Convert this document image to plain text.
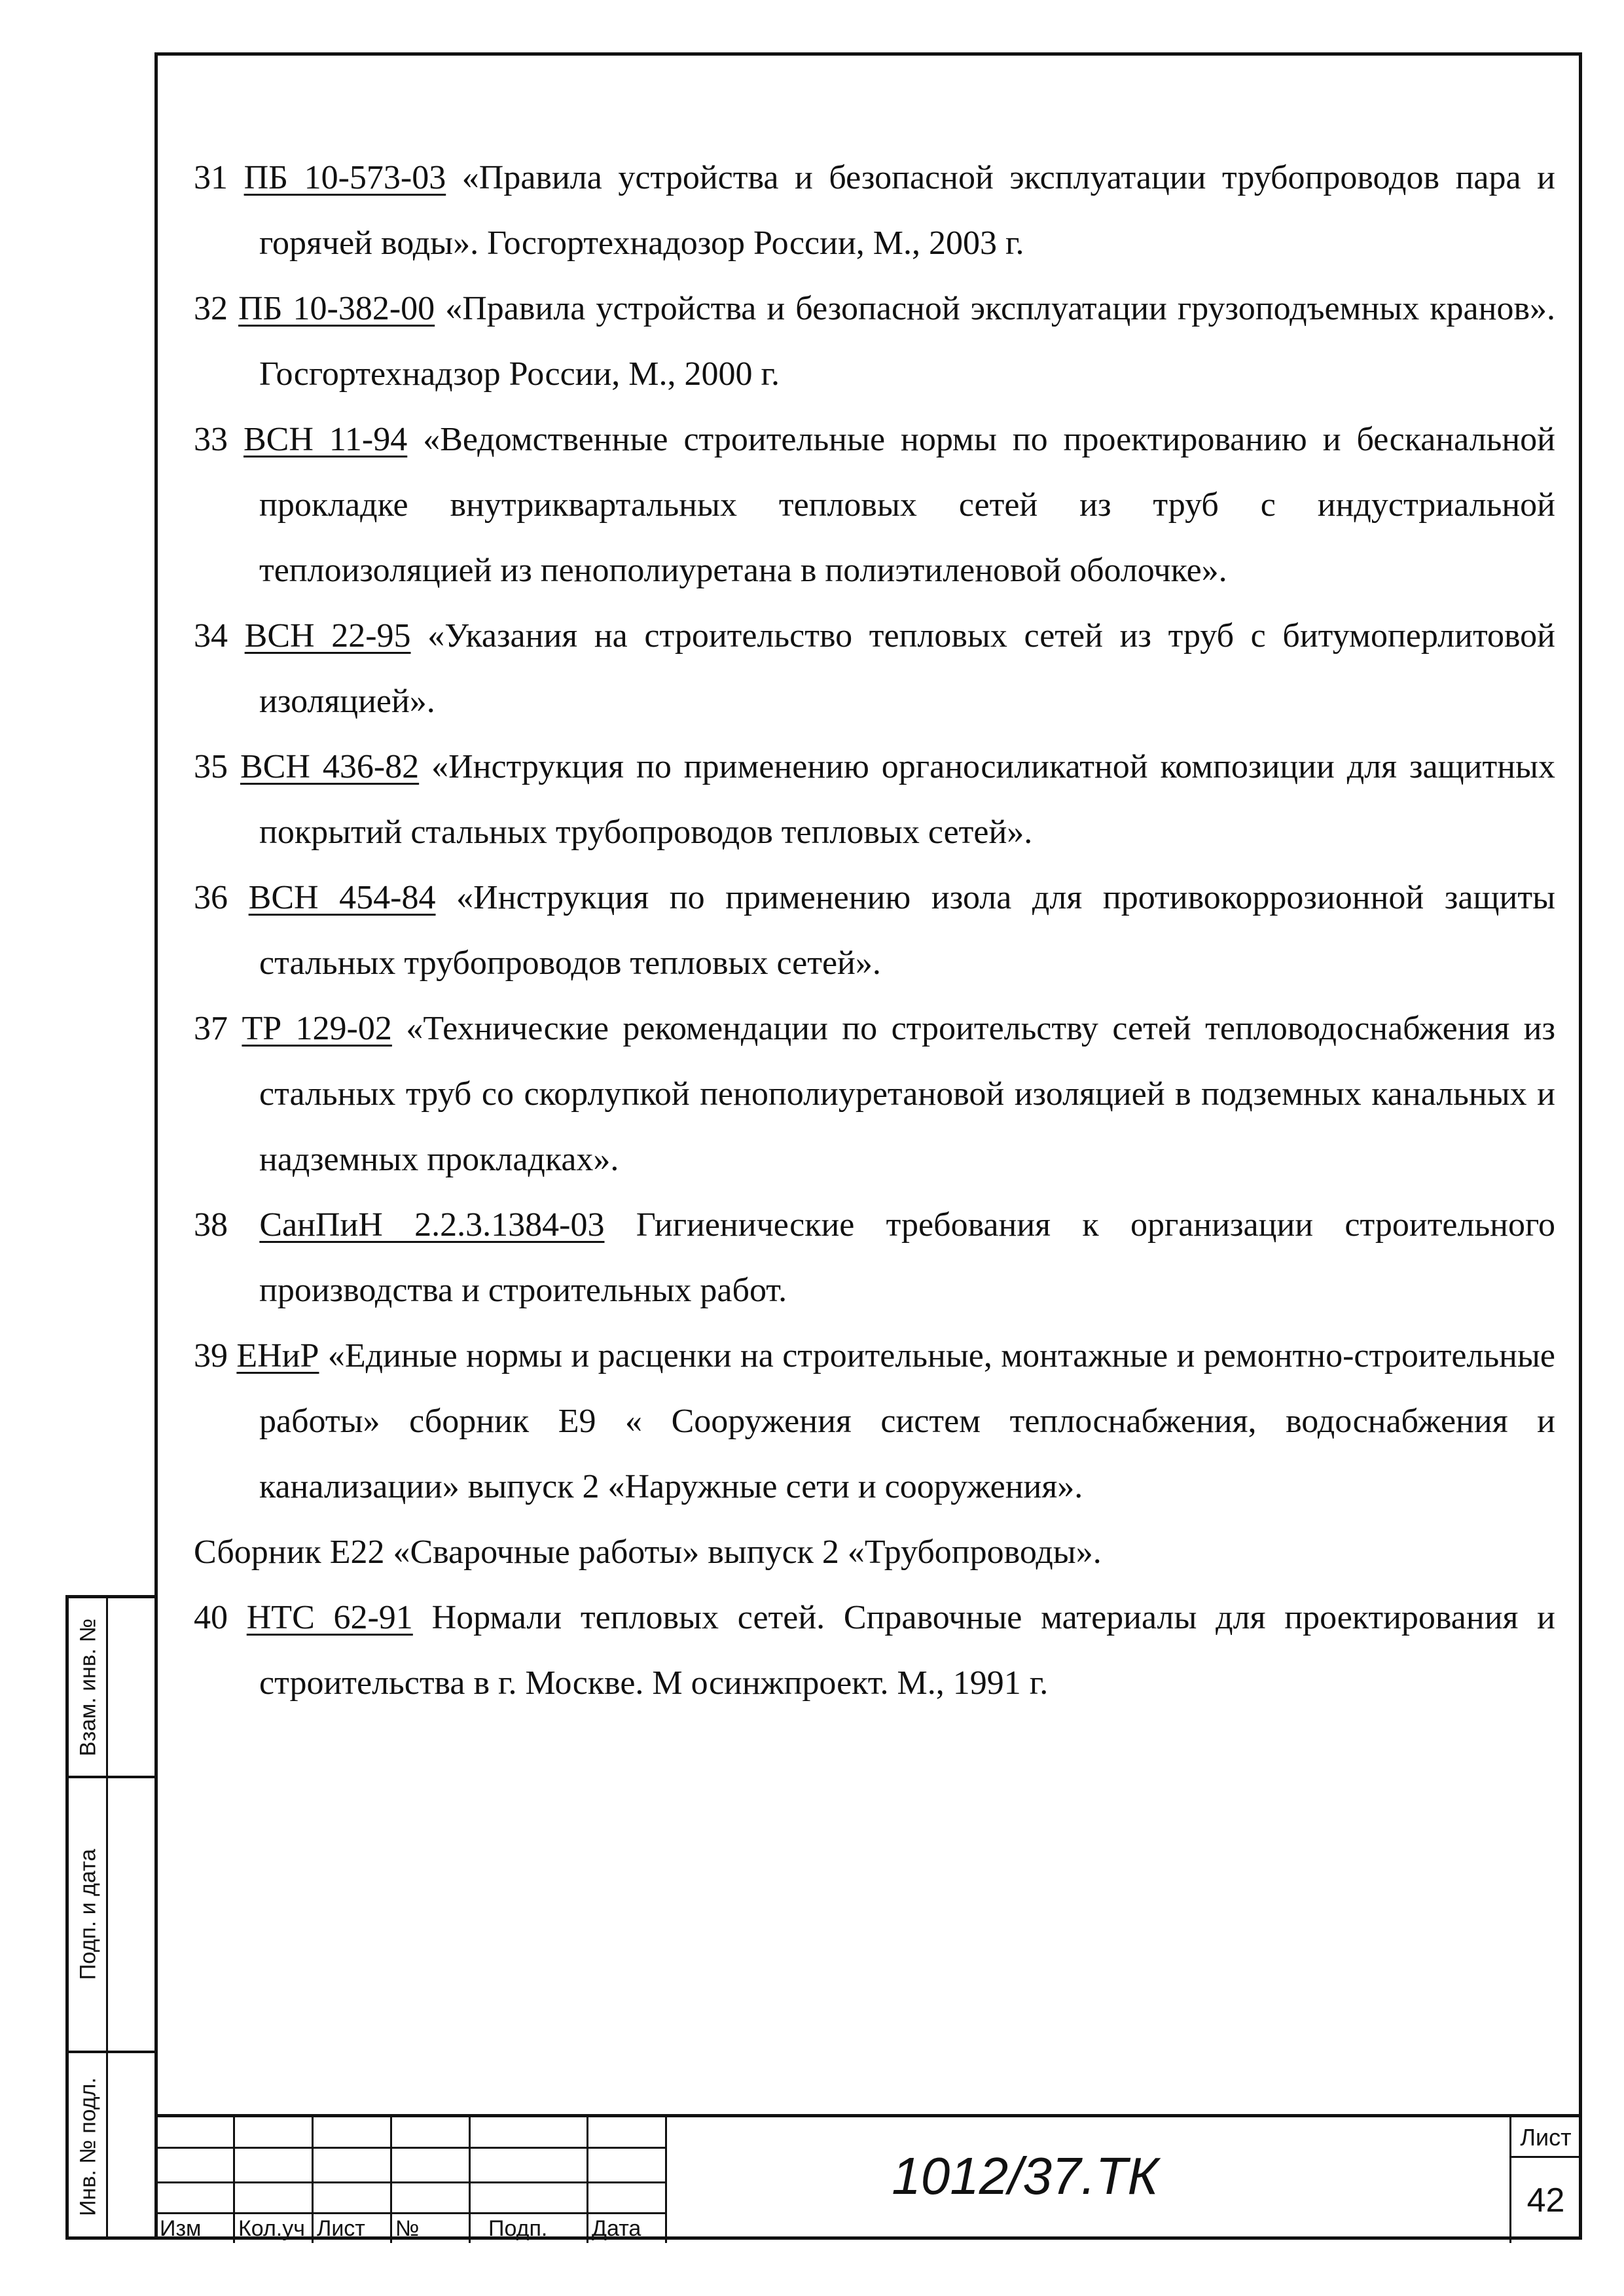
Взам. инв. №
Подп. и дата
Инв. № подл.
31 ПБ 10-573-03 «Правила устройства и безопасной эксплуатации трубопроводов пара и горячей воды». Госгортехнадозор России, М., 2003 г.
32 ПБ 10-382-00 «Правила устройства и безопасной эксплуатации грузоподъемных кранов». Госгортехнадзор России, М., 2000 г.
33 ВСН 11-94 «Ведомственные строительные нормы по проектированию и бесканальной прокладке внутриквартальных тепловых сетей из труб с индустриальной теплоизоляцией из пенополиуретана в полиэтиленовой оболочке».
34 ВСН 22-95 «Указания на строительство тепловых сетей из труб с битумоперлитовой изоляцией».
35 ВСН 436-82 «Инструкция по применению органосиликатной композиции для защитных покрытий стальных трубопроводов тепловых сетей».
36 ВСН 454-84 «Инструкция по применению изола для противокоррозионной защиты стальных трубопроводов тепловых сетей».
37 ТР 129-02 «Технические рекомендации по строительству сетей тепловодоснабжения из стальных труб со скорлупкой пенополиуретановой изоляцией в подземных канальных и надземных прокладках».
38 СанПиН 2.2.3.1384-03 Гигиенические требования к организации строительного производства и строительных работ.
39 ЕНиР «Единые нормы и расценки на строительные, монтажные и ремонтно-строительные работы» сборник Е9 « Сооружения систем теплоснабжения, водоснабжения и канализации» выпуск 2 «Наружные сети и сооружения».
Сборник Е22 «Сварочные работы» выпуск 2 «Трубопроводы».
40 НТС 62-91 Нормали тепловых сетей. Справочные материалы для проектирования и строительства в г. Москве. М осинжпроект. М., 1991 г.
Изм	Кол.уч Лист	№	Подп.	Дата
1012/37.ТК
Лист
42
